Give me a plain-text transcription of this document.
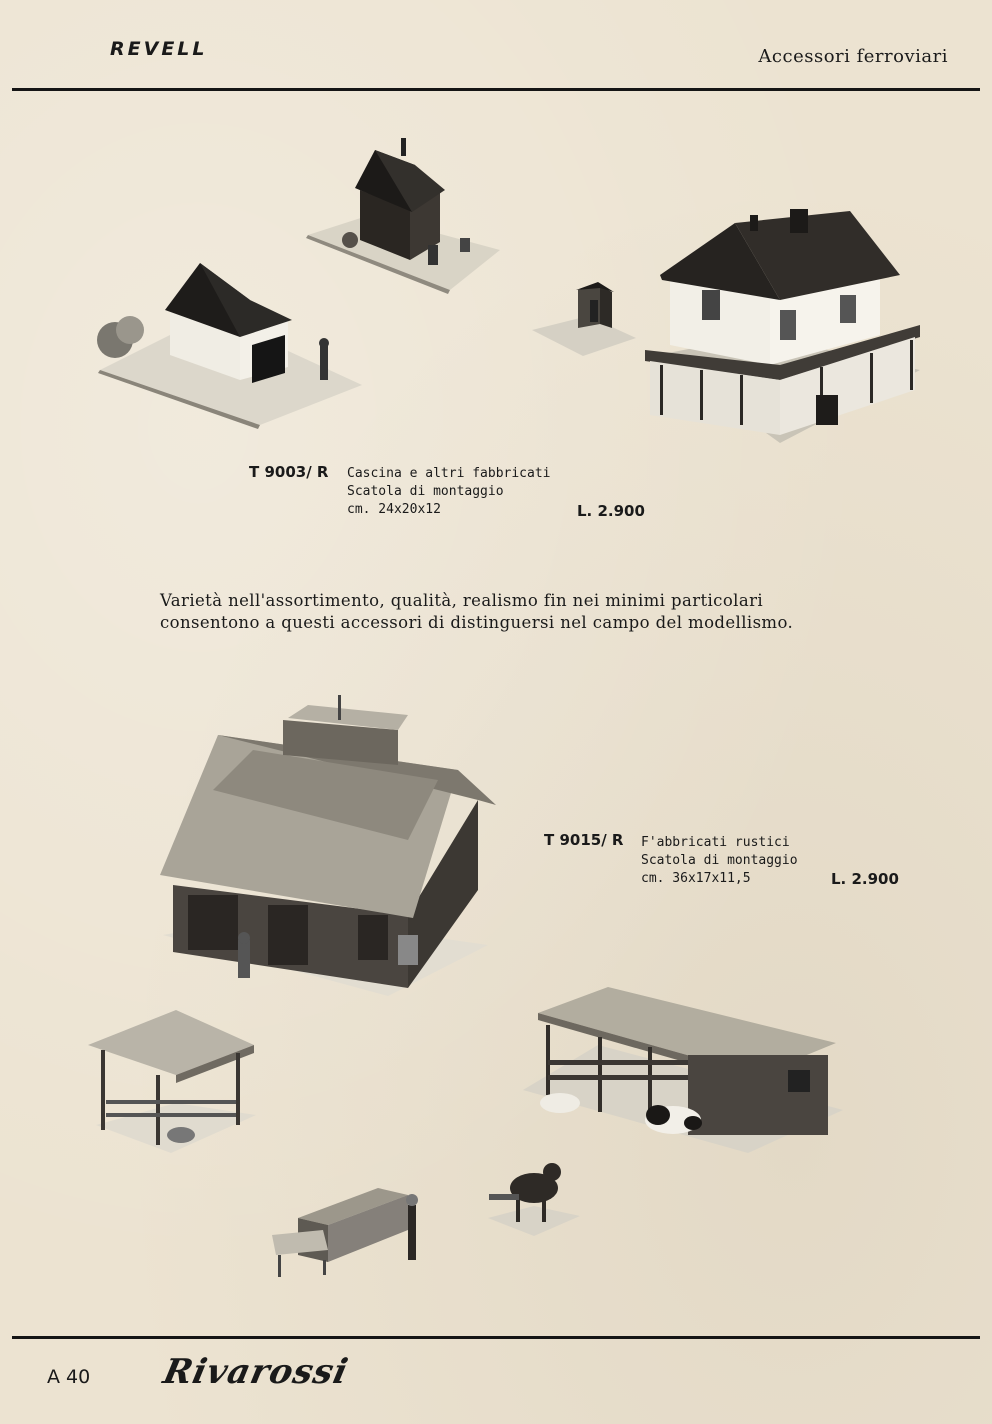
REVELL	Accessori ferroviari
T 9003/ R Cascina e altri fabbricati
Scatola di montaggio
cm. 24x20x12	L. 2.900
Varietà nell'assortimento, qualità, realismo fin nei minimi particolari
consentono a questi accessori di distinguersi nel campo del modellismo.
T 9015/ R F'abbricati rustici
Scatola di montaggio
cm. 36x17x11,5	L. 2.900
A 40 Rivarossi
